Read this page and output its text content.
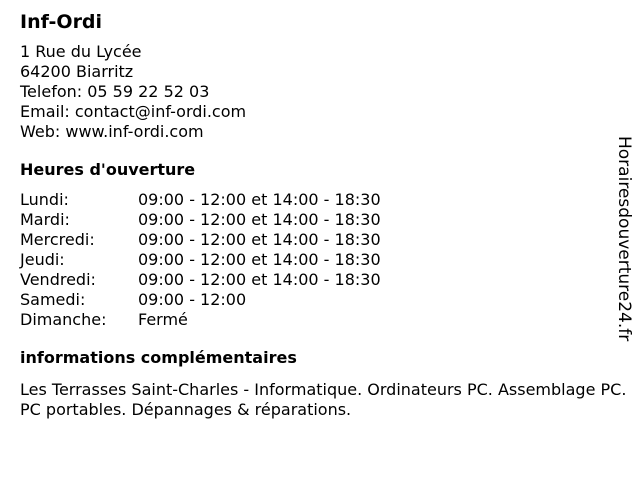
Inf-Ordi
1 Rue du Lycée
64200 Biarritz
Telefon: 05 59 22 52 03
Email: contact@inf-ordi.com
Web: www.inf-ordi.com
Heures d'ouverture
Lundi:	09:00 - 12:00 et 14:00 - 18:30
Mardi:	09:00 - 12:00 et 14:00 - 18:30
Mercredi:	09:00 - 12:00 et 14:00 - 18:30
Jeudi:	09:00 - 12:00 et 14:00 - 18:30
Vendredi:	09:00 - 12:00 et 14:00 - 18:30
Samedi:	09:00 - 12:00
Dimanche:	Fermé
informations complémentaires
Les Terrasses Saint-Charles - Informatique. Ordinateurs PC. Assemblage PC. PC portables. Dépannages & réparations.
Horairesdouverture24.fr
